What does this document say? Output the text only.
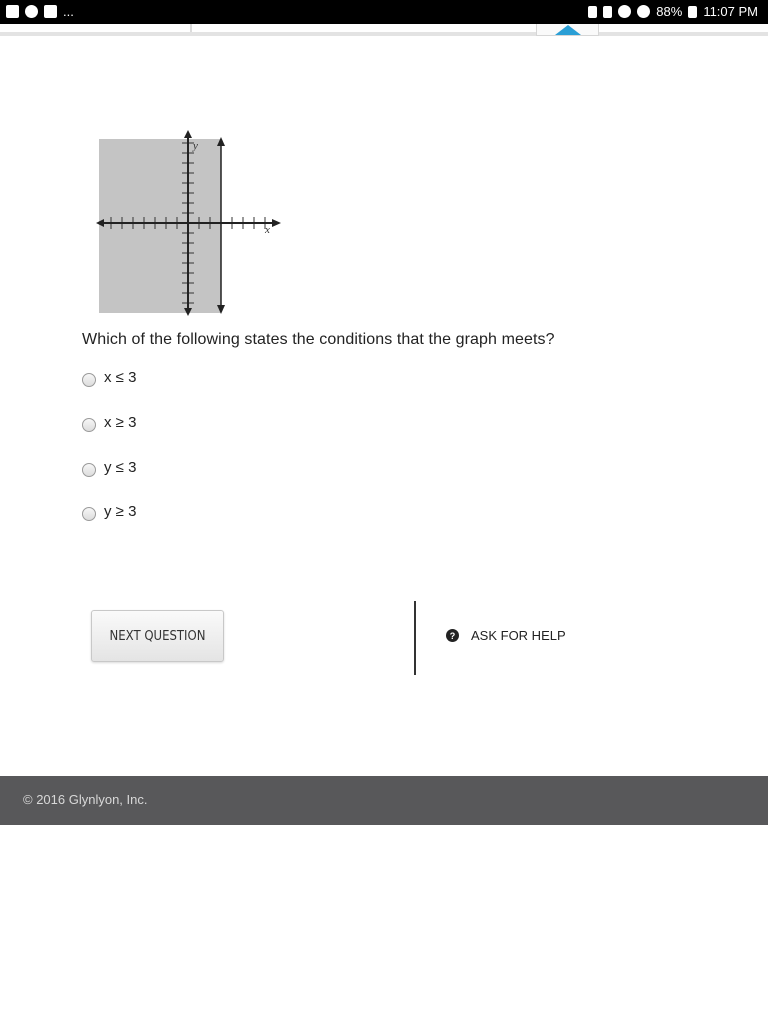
...	88% 11:07 PM
y
x
Which of the following states the conditions that the graph meets?
x ≤ 3
x ≥ 3
y ≤ 3
y ≥ 3
NEXT QUESTION	? ASK FOR HELP
© 2016 Glynlyon, Inc.
